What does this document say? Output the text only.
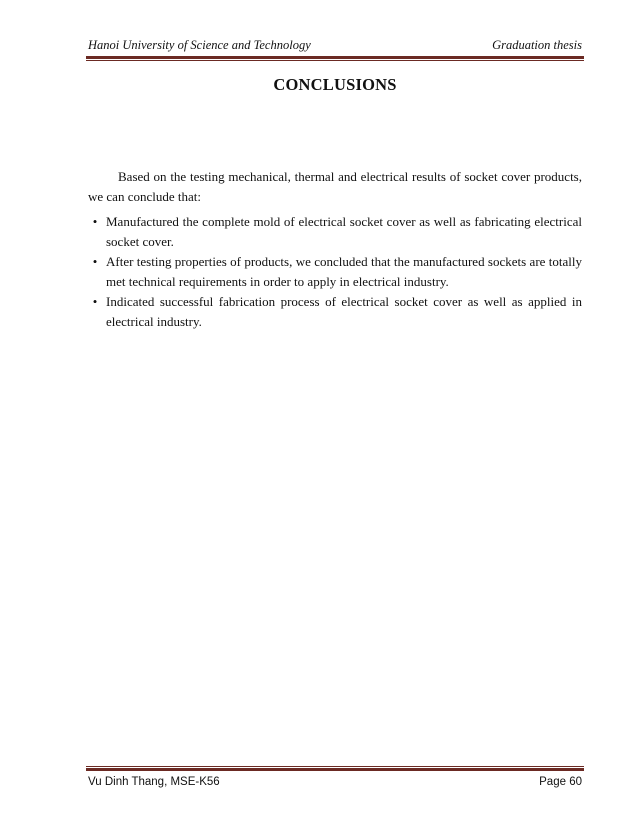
Hanoi University of Science and Technology	Graduation thesis
CONCLUSIONS

Based on the testing mechanical, thermal and electrical results of socket cover products, we can conclude that:

• Manufactured the complete mold of electrical socket cover as well as fabricating electrical socket cover.
• After testing properties of products, we concluded that the manufactured sockets are totally met technical requirements in order to apply in electrical industry.
• Indicated successful fabrication process of electrical socket cover as well as applied in electrical industry.
Vu Dinh Thang, MSE-K56	Page 60
